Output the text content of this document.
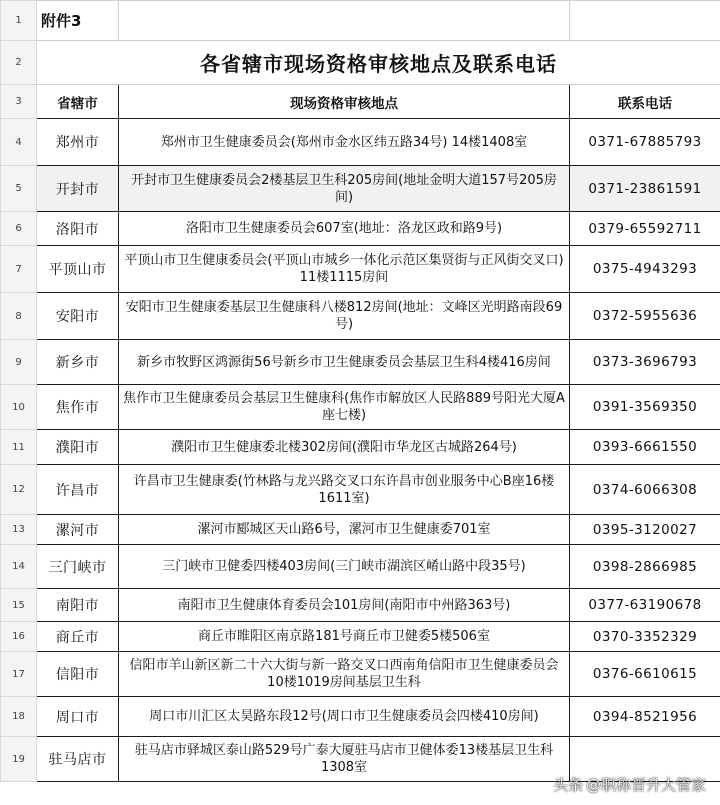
1	附件3		
2	各省辖市现场资格审核地点及联系电话		
3	省辖市	现场资格审核地点	联系电话
4	郑州市	郑州市卫生健康委员会(郑州市金水区纬五路34号) 14楼1408室	0371-67885793
5	开封市	开封市卫生健康委员会2楼基层卫生科205房间(地址金明大道157号205房间)	0371-23861591
6	洛阳市	洛阳市卫生健康委员会607室(地址：洛龙区政和路9号)	0379-65592711
7	平顶山市	平顶山市卫生健康委员会(平顶山市城乡一体化示范区集贤街与正风街交叉口) 11楼1115房间	0375-4943293
8	安阳市	安阳市卫生健康委基层卫生健康科八楼812房间(地址：文峰区光明路南段69号)	0372-5955636
9	新乡市	新乡市牧野区鸿源街56号新乡市卫生健康委员会基层卫生科4楼416房间	0373-3696793
10	焦作市	焦作市卫生健康委员会基层卫生健康科(焦作市解放区人民路889号阳光大厦A座七楼)	0391-3569350
11	濮阳市	濮阳市卫生健康委北楼302房间(濮阳市华龙区古城路264号)	0393-6661550
12	许昌市	许昌市卫生健康委(竹林路与龙兴路交叉口东许昌市创业服务中心B座16楼1611室)	0374-6066308
13	漯河市	漯河市郾城区天山路6号，漯河市卫生健康委701室	0395-3120027
14	三门峡市	三门峡市卫健委四楼403房间(三门峡市湖滨区崤山路中段35号)	0398-2866985
15	南阳市	南阳市卫生健康体育委员会101房间(南阳市中州路363号)	0377-63190678
16	商丘市	商丘市睢阳区南京路181号商丘市卫健委5楼506室	0370-3352329
17	信阳市	信阳市羊山新区新二十六大街与新一路交叉口西南角信阳市卫生健康委员会10楼1019房间基层卫生科	0376-6610615
18	周口市	周口市川汇区太昊路东段12号(周口市卫生健康委员会四楼410房间)	0394-8521956
19	驻马店市	驻马店市驿城区泰山路529号广泰大厦驻马店市卫健体委13楼基层卫生科1308室	
头条 @职称晋升大管家
